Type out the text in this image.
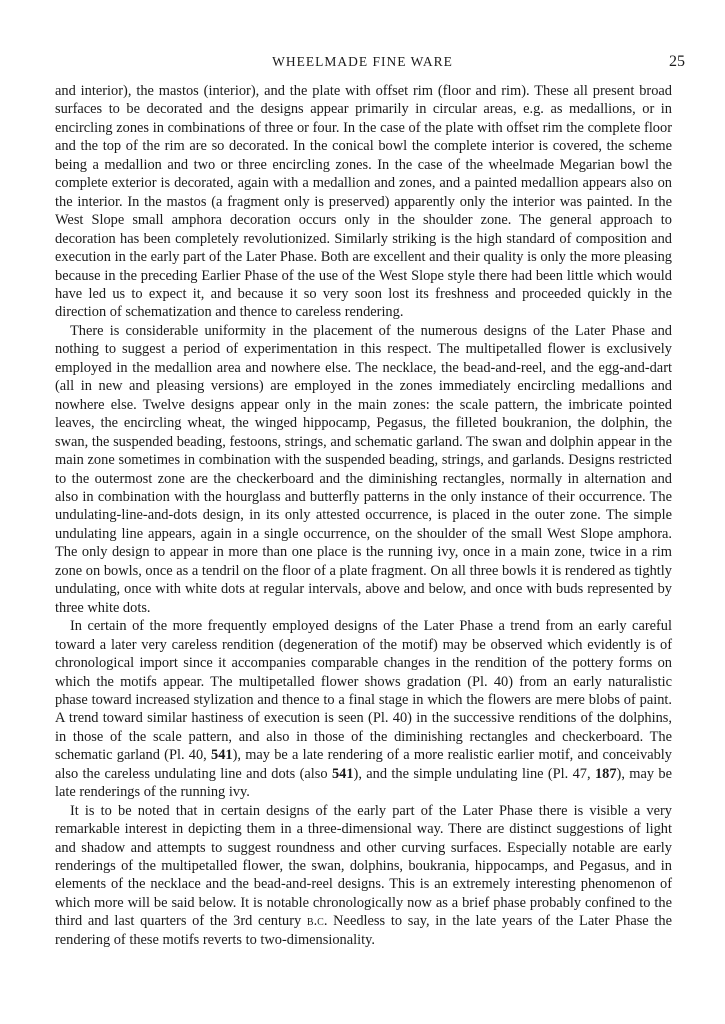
WHEELMADE FINE WARE	25

and interior), the mastos (interior), and the plate with offset rim (floor and rim). These all present broad surfaces to be decorated and the designs appear primarily in circular areas, e.g. as medallions, or in encircling zones in combinations of three or four. In the case of the plate with offset rim the complete floor and the top of the rim are so decorated. In the conical bowl the complete interior is covered, the scheme being a medallion and two or three encircling zones. In the case of the wheelmade Megarian bowl the complete exterior is decorated, again with a medallion and zones, and a painted medallion appears also on the interior. In the mastos (a fragment only is preserved) apparently only the interior was painted. In the West Slope small amphora decoration occurs only in the shoulder zone. The general approach to decoration has been completely revolutionized. Similarly striking is the high standard of composition and execution in the early part of the Later Phase. Both are excellent and their quality is only the more pleasing because in the preceding Earlier Phase of the use of the West Slope style there had been little which would have led us to expect it, and because it so very soon lost its freshness and proceeded quickly in the direction of schematization and thence to careless rendering.

There is considerable uniformity in the placement of the numerous designs of the Later Phase and nothing to suggest a period of experimentation in this respect. The multipetalled flower is exclusively employed in the medallion area and nowhere else. The necklace, the bead-and-reel, and the egg-and-dart (all in new and pleasing versions) are employed in the zones immediately encircling medallions and nowhere else. Twelve designs appear only in the main zones: the scale pattern, the imbricate pointed leaves, the encircling wheat, the winged hippocamp, Pegasus, the filleted boukranion, the dolphin, the swan, the suspended beading, festoons, strings, and schematic garland. The swan and dolphin appear in the main zone sometimes in combination with the suspended beading, strings, and garlands. Designs restricted to the outermost zone are the checkerboard and the diminishing rectangles, normally in alternation and also in combination with the hourglass and butterfly patterns in the only instance of their occurrence. The undulating-line-and-dots design, in its only attested occurrence, is placed in the outer zone. The simple undulating line appears, again in a single occurrence, on the shoulder of the small West Slope amphora. The only design to appear in more than one place is the running ivy, once in a main zone, twice in a rim zone on bowls, once as a tendril on the floor of a plate fragment. On all three bowls it is rendered as tightly undulating, once with white dots at regular intervals, above and below, and once with buds represented by three white dots.

In certain of the more frequently employed designs of the Later Phase a trend from an early careful toward a later very careless rendition (degeneration of the motif) may be observed which evidently is of chronological import since it accompanies comparable changes in the rendition of the pottery forms on which the motifs appear. The multipetalled flower shows gradation (Pl. 40) from an early naturalistic phase toward increased stylization and thence to a final stage in which the flowers are mere blobs of paint. A trend toward similar hastiness of execution is seen (Pl. 40) in the successive renditions of the dolphins, in those of the scale pattern, and also in those of the diminishing rectangles and checkerboard. The schematic garland (Pl. 40, 541), may be a late rendering of a more realistic earlier motif, and conceivably also the careless undulating line and dots (also 541), and the simple undulating line (Pl. 47, 187), may be late renderings of the running ivy.

It is to be noted that in certain designs of the early part of the Later Phase there is visible a very remarkable interest in depicting them in a three-dimensional way. There are distinct suggestions of light and shadow and attempts to suggest roundness and other curving surfaces. Especially notable are early renderings of the multipetalled flower, the swan, dolphins, boukrania, hippocamps, and Pegasus, and in elements of the necklace and the bead-and-reel designs. This is an extremely interesting phenomenon of which more will be said below. It is notable chronologically now as a brief phase probably confined to the third and last quarters of the 3rd century b.c. Needless to say, in the late years of the Later Phase the rendering of these motifs reverts to two-dimensionality.
